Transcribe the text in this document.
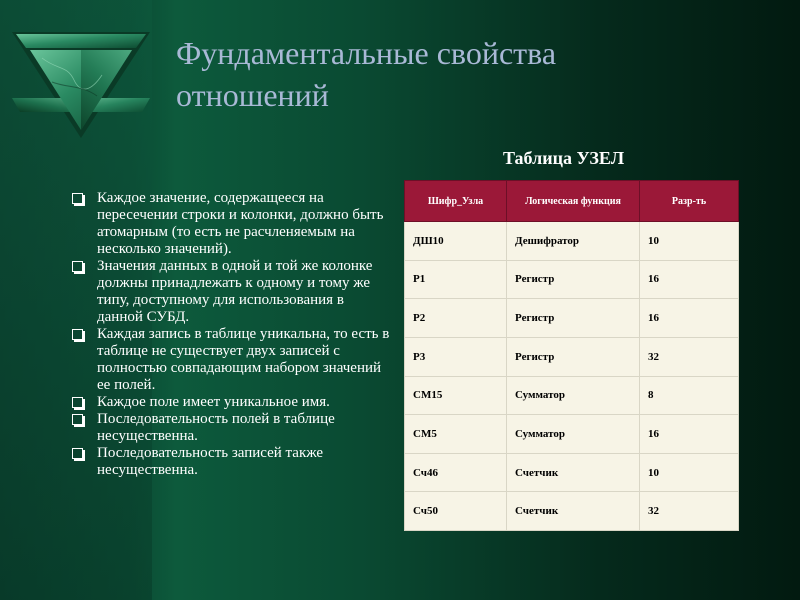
Фундаментальные свойства
отношений
Таблица УЗЕЛ
Каждое значение, содержащееся на пересечении строки и колонки, должно быть атомарным (то есть не расчленяемым на несколько значений).
Значения данных в одной и той же колонке должны принадлежать к одному и тому же типу, доступному для использования в данной СУБД.
Каждая запись в таблице уникальна, то есть в таблице не существует двух записей с полностью совпадающим набором значений ее полей.
Каждое поле имеет уникальное имя.
Последовательность полей в таблице несущественна.
Последовательность записей также несущественна.
Шифр_Узла	Логическая функция	Разр-ть
ДШ10	Дешифратор	10
Р1	Регистр	16
Р2	Регистр	16
Р3	Регистр	32
СМ15	Сумматор	8
СМ5	Сумматор	16
Сч46	Счетчик	10
Сч50	Счетчик	32
